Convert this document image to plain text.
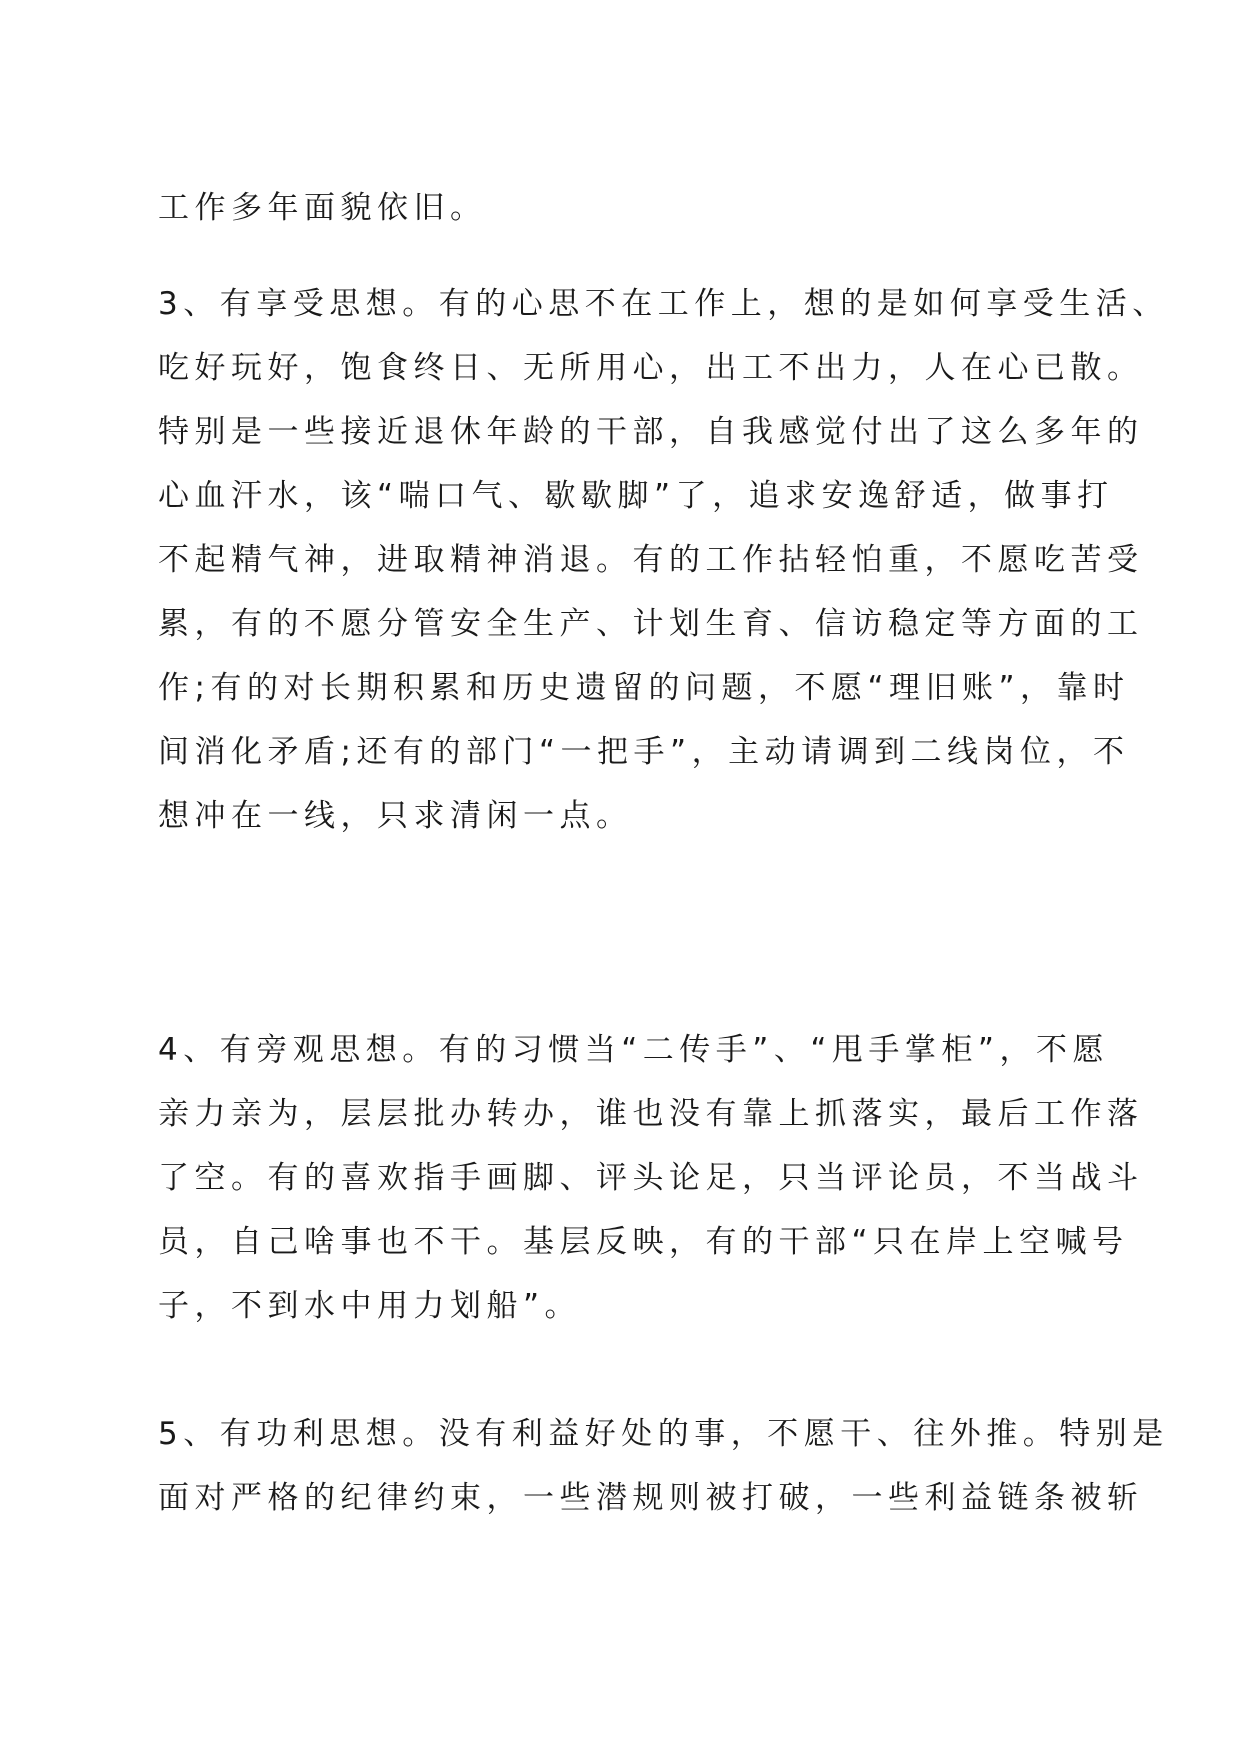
工作多年面貌依旧。
3、有享受思想。有的心思不在工作上，想的是如何享受生活、
吃好玩好，饱食终日、无所用心，出工不出力，人在心已散。
特别是一些接近退休年龄的干部，自我感觉付出了这么多年的
心血汗水，该“喘口气、歇歇脚”了，追求安逸舒适，做事打
不起精气神，进取精神消退。有的工作拈轻怕重，不愿吃苦受
累，有的不愿分管安全生产、计划生育、信访稳定等方面的工
作;有的对长期积累和历史遗留的问题，不愿“理旧账”，靠时
间消化矛盾;还有的部门“一把手”，主动请调到二线岗位，不
想冲在一线，只求清闲一点。
4、有旁观思想。有的习惯当“二传手”、“甩手掌柜”，不愿
亲力亲为，层层批办转办，谁也没有靠上抓落实，最后工作落
了空。有的喜欢指手画脚、评头论足，只当评论员，不当战斗
员，自己啥事也不干。基层反映，有的干部“只在岸上空喊号
子，不到水中用力划船”。
5、有功利思想。没有利益好处的事，不愿干、往外推。特别是
面对严格的纪律约束，一些潜规则被打破，一些利益链条被斩
